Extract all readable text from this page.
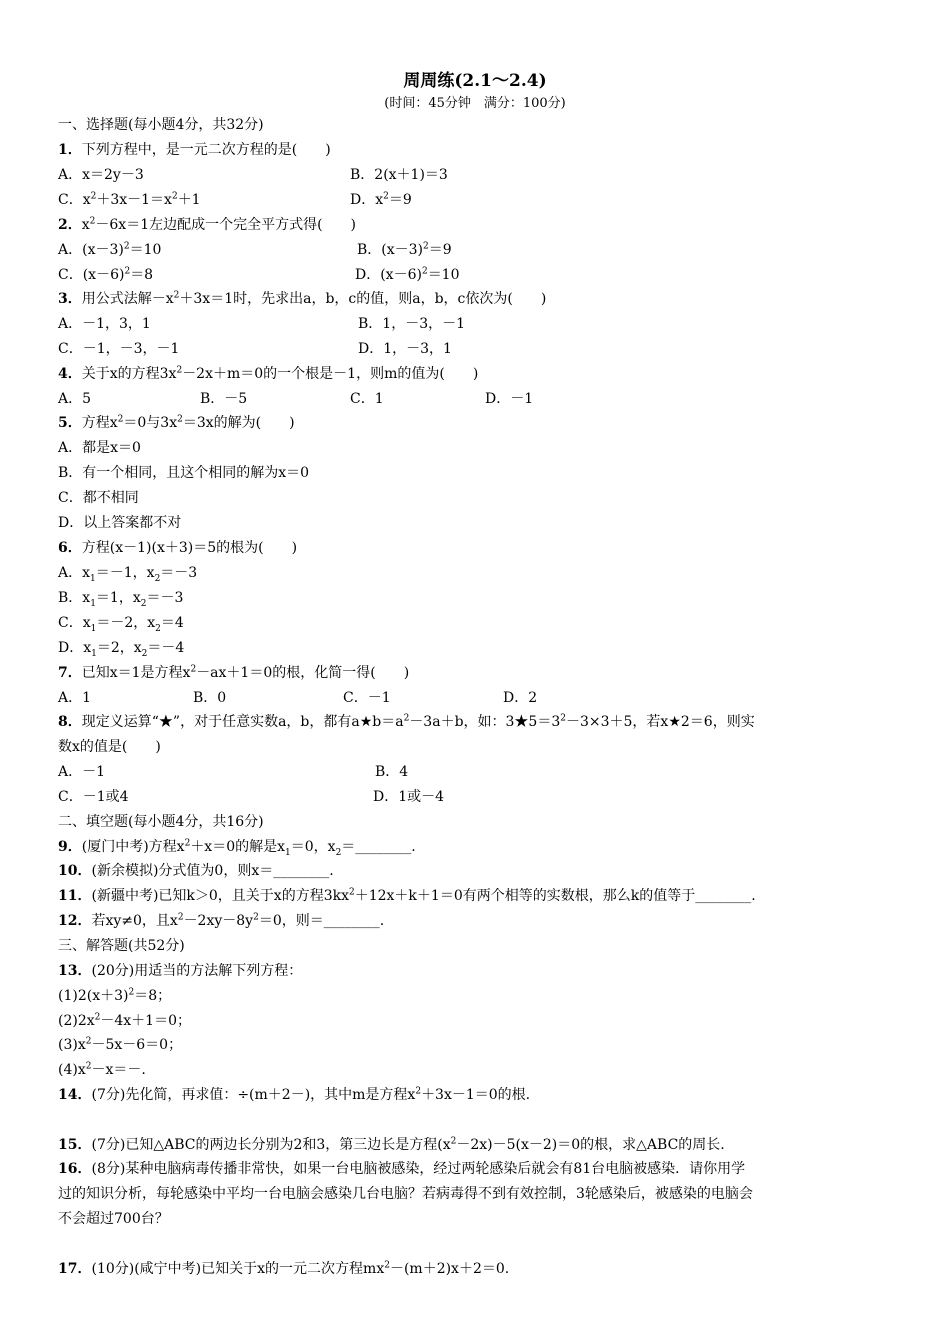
周周练(2.1～2.4)
(时间：45分钟　满分：100分)
一、选择题(每小题4分，共32分)
1．下列方程中，是一元二次方程的是(　　)
A．x＝2y－3	B．2(x＋1)＝3
C．$x^2+3x-1=x^2+1$	D．$x^2=9$
2．$x^2-6x=1$左边配成一个完全平方式得(　　)
A．$(x-3)^2=10$	B．$(x-3)^2=9$
C．$(x-6)^2=8$	D．$(x-6)^2=10$
3．用公式法解$-x^2+3x=1$时，先求出a，b，c的值，则a，b，c依次为(　　)
A．－1，3，1	B．1，－3，－1
C．－1，－3，－1	D．1，－3，1
4．关于x的方程$3x^2-2x+m=0$的一个根是－1，则m的值为(　　)
A．5	B．－5	C．1	D．－1
5．方程$x^2=0$与$3x^2=3x$的解为(　　)
A．都是x＝0
B．有一个相同，且这个相同的解为x＝0
C．都不相同
D．以上答案都不对
6．方程(x－1)(x＋3)＝5的根为(　　)
A．$x_1=-1$，$x_2=-3$
B．$x_1=1$，$x_2=-3$
C．$x_1=-2$，$x_2=4$
D．$x_1=2$，$x_2=-4$
7．已知x＝1是方程$x^2-ax+1=0$的根，化简一得(　　)
A．1	B．0	C．－1	D．2
8．现定义运算“★”，对于任意实数a，b，都有$a★b=a^2-3a+b$，如：$3★5=3^2-3\times 3+5$，若x★2＝6，则实
数x的值是(　　)
A．－1	B．4
C．－1或4	D．1或－4
二、填空题(每小题4分，共16分)
9．(厦门中考)方程$x^2+x=0$的解是$x_1=0$，$x_2=\_\_\_\_\_\_\_\_$.
10．(新余模拟)分式值为0，则x＝________.
11．(新疆中考)已知k＞0，且关于x的方程$3kx^2+12x+k+1=0$有两个相等的实数根，那么k的值等于________.
12．若xy≠0，且$x^2-2xy-8y^2=0$，则＝________.
三、解答题(共52分)
13．(20分)用适当的方法解下列方程：
$(1)2(x+3)^2=8$；
$(2)2x^2-4x+1=0$；
$(3)x^2-5x-6=0$；
$(4)x^2-x=-$.
14．(7分)先化简，再求值：÷(m＋2－)，其中m是方程$x^2+3x-1=0$的根.
15．(7分)已知△ABC的两边长分别为2和3，第三边长是方程$(x^2-2x)-5(x-2)=0$的根，求△ABC的周长.
16．(8分)某种电脑病毒传播非常快，如果一台电脑被感染，经过两轮感染后就会有81台电脑被感染．请你用学
过的知识分析，每轮感染中平均一台电脑会感染几台电脑？若病毒得不到有效控制，3轮感染后，被感染的电脑会
不会超过700台？
17．(10分)(咸宁中考)已知关于x的一元二次方程$mx^2-(m+2)x+2=0$.
